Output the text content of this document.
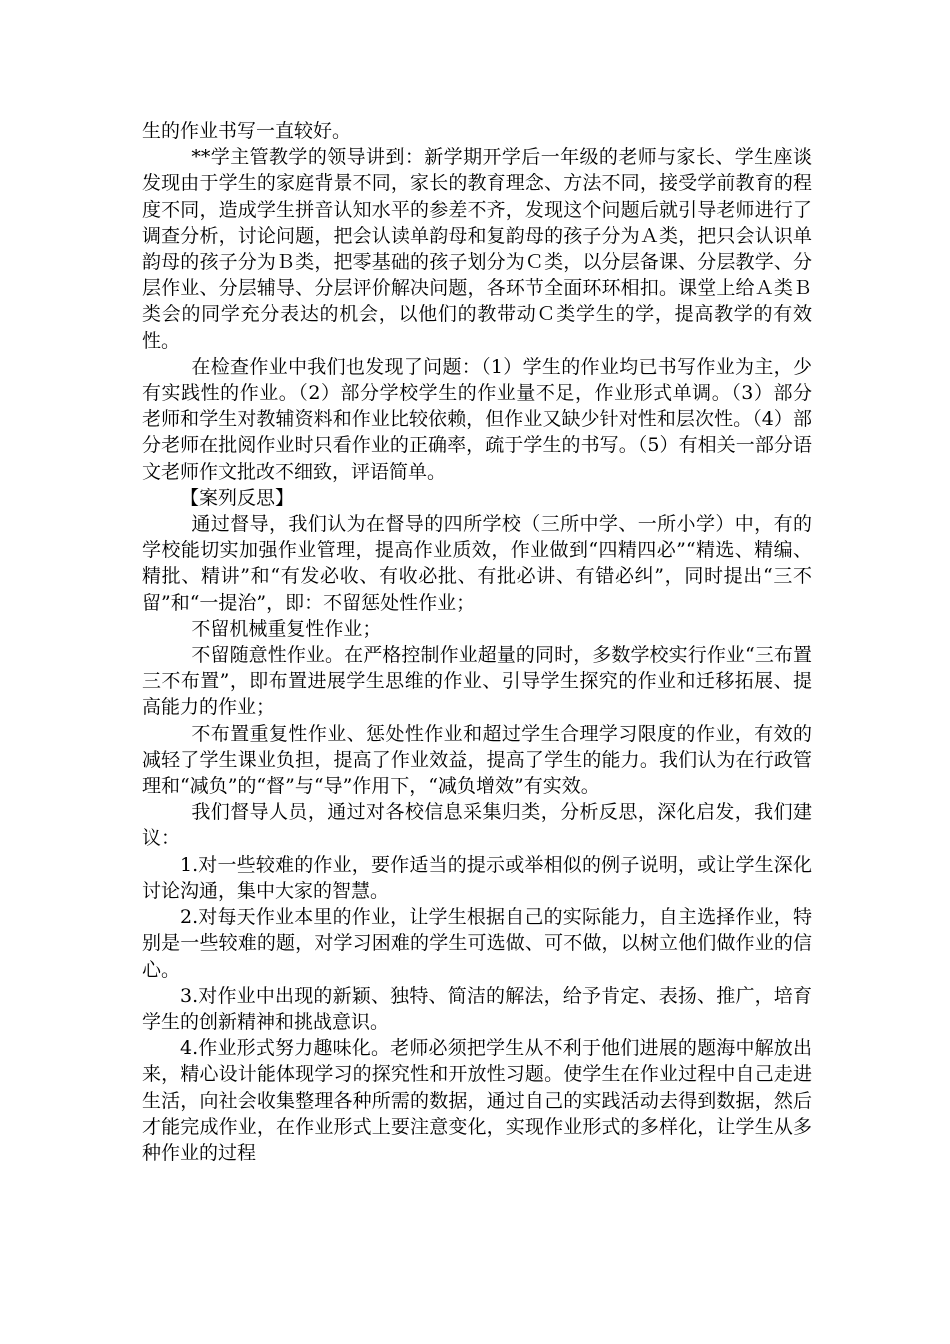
生的作业书写一直较好。

**学主管教学的领导讲到：新学期开学后一年级的老师与家长、学生座谈发现由于学生的家庭背景不同，家长的教育理念、方法不同，接受学前教育的程度不同，造成学生拼音认知水平的参差不齐，发现这个问题后就引导老师进行了调查分析，讨论问题，把会认读单韵母和复韵母的孩子分为Ａ类，把只会认识单韵母的孩子分为Ｂ类，把零基础的孩子划分为Ｃ类，以分层备课、分层教学、分层作业、分层辅导、分层评价解决问题，各环节全面环环相扣。课堂上给Ａ类Ｂ类会的同学充分表达的机会，以他们的教带动Ｃ类学生的学，提高教学的有效性。

在检查作业中我们也发现了问题：（1）学生的作业均已书写作业为主，少有实践性的作业。（2）部分学校学生的作业量不足，作业形式单调。（3）部分老师和学生对教辅资料和作业比较依赖，但作业又缺少针对性和层次性。（4）部分老师在批阅作业时只看作业的正确率，疏于学生的书写。（5）有相关一部分语文老师作文批改不细致，评语简单。

【案列反思】

通过督导，我们认为在督导的四所学校（三所中学、一所小学）中，有的学校能切实加强作业管理，提高作业质效，作业做到“四精四必”“精选、精编、精批、精讲”和“有发必收、有收必批、有批必讲、有错必纠”，同时提出“三不留”和“一提治”，即：不留惩处性作业；

不留机械重复性作业；

不留随意性作业。在严格控制作业超量的同时，多数学校实行作业“三布置三不布置”，即布置进展学生思维的作业、引导学生探究的作业和迁移拓展、提高能力的作业；

不布置重复性作业、惩处性作业和超过学生合理学习限度的作业，有效的减轻了学生课业负担，提高了作业效益，提高了学生的能力。我们认为在行政管理和“减负”的“督”与“导”作用下，“减负增效”有实效。

我们督导人员，通过对各校信息采集归类，分析反思，深化启发，我们建议：

1.对一些较难的作业，要作适当的提示或举相似的例子说明，或让学生深化讨论沟通，集中大家的智慧。

2.对每天作业本里的作业，让学生根据自己的实际能力，自主选择作业，特别是一些较难的题，对学习困难的学生可选做、可不做，以树立他们做作业的信心。

3.对作业中出现的新颖、独特、简洁的解法，给予肯定、表扬、推广，培育学生的创新精神和挑战意识。

4.作业形式努力趣味化。老师必须把学生从不利于他们进展的题海中解放出来，精心设计能体现学习的探究性和开放性习题。使学生在作业过程中自己走进生活，向社会收集整理各种所需的数据，通过自己的实践活动去得到数据，然后才能完成作业，在作业形式上要注意变化，实现作业形式的多样化，让学生从多种作业的过程
